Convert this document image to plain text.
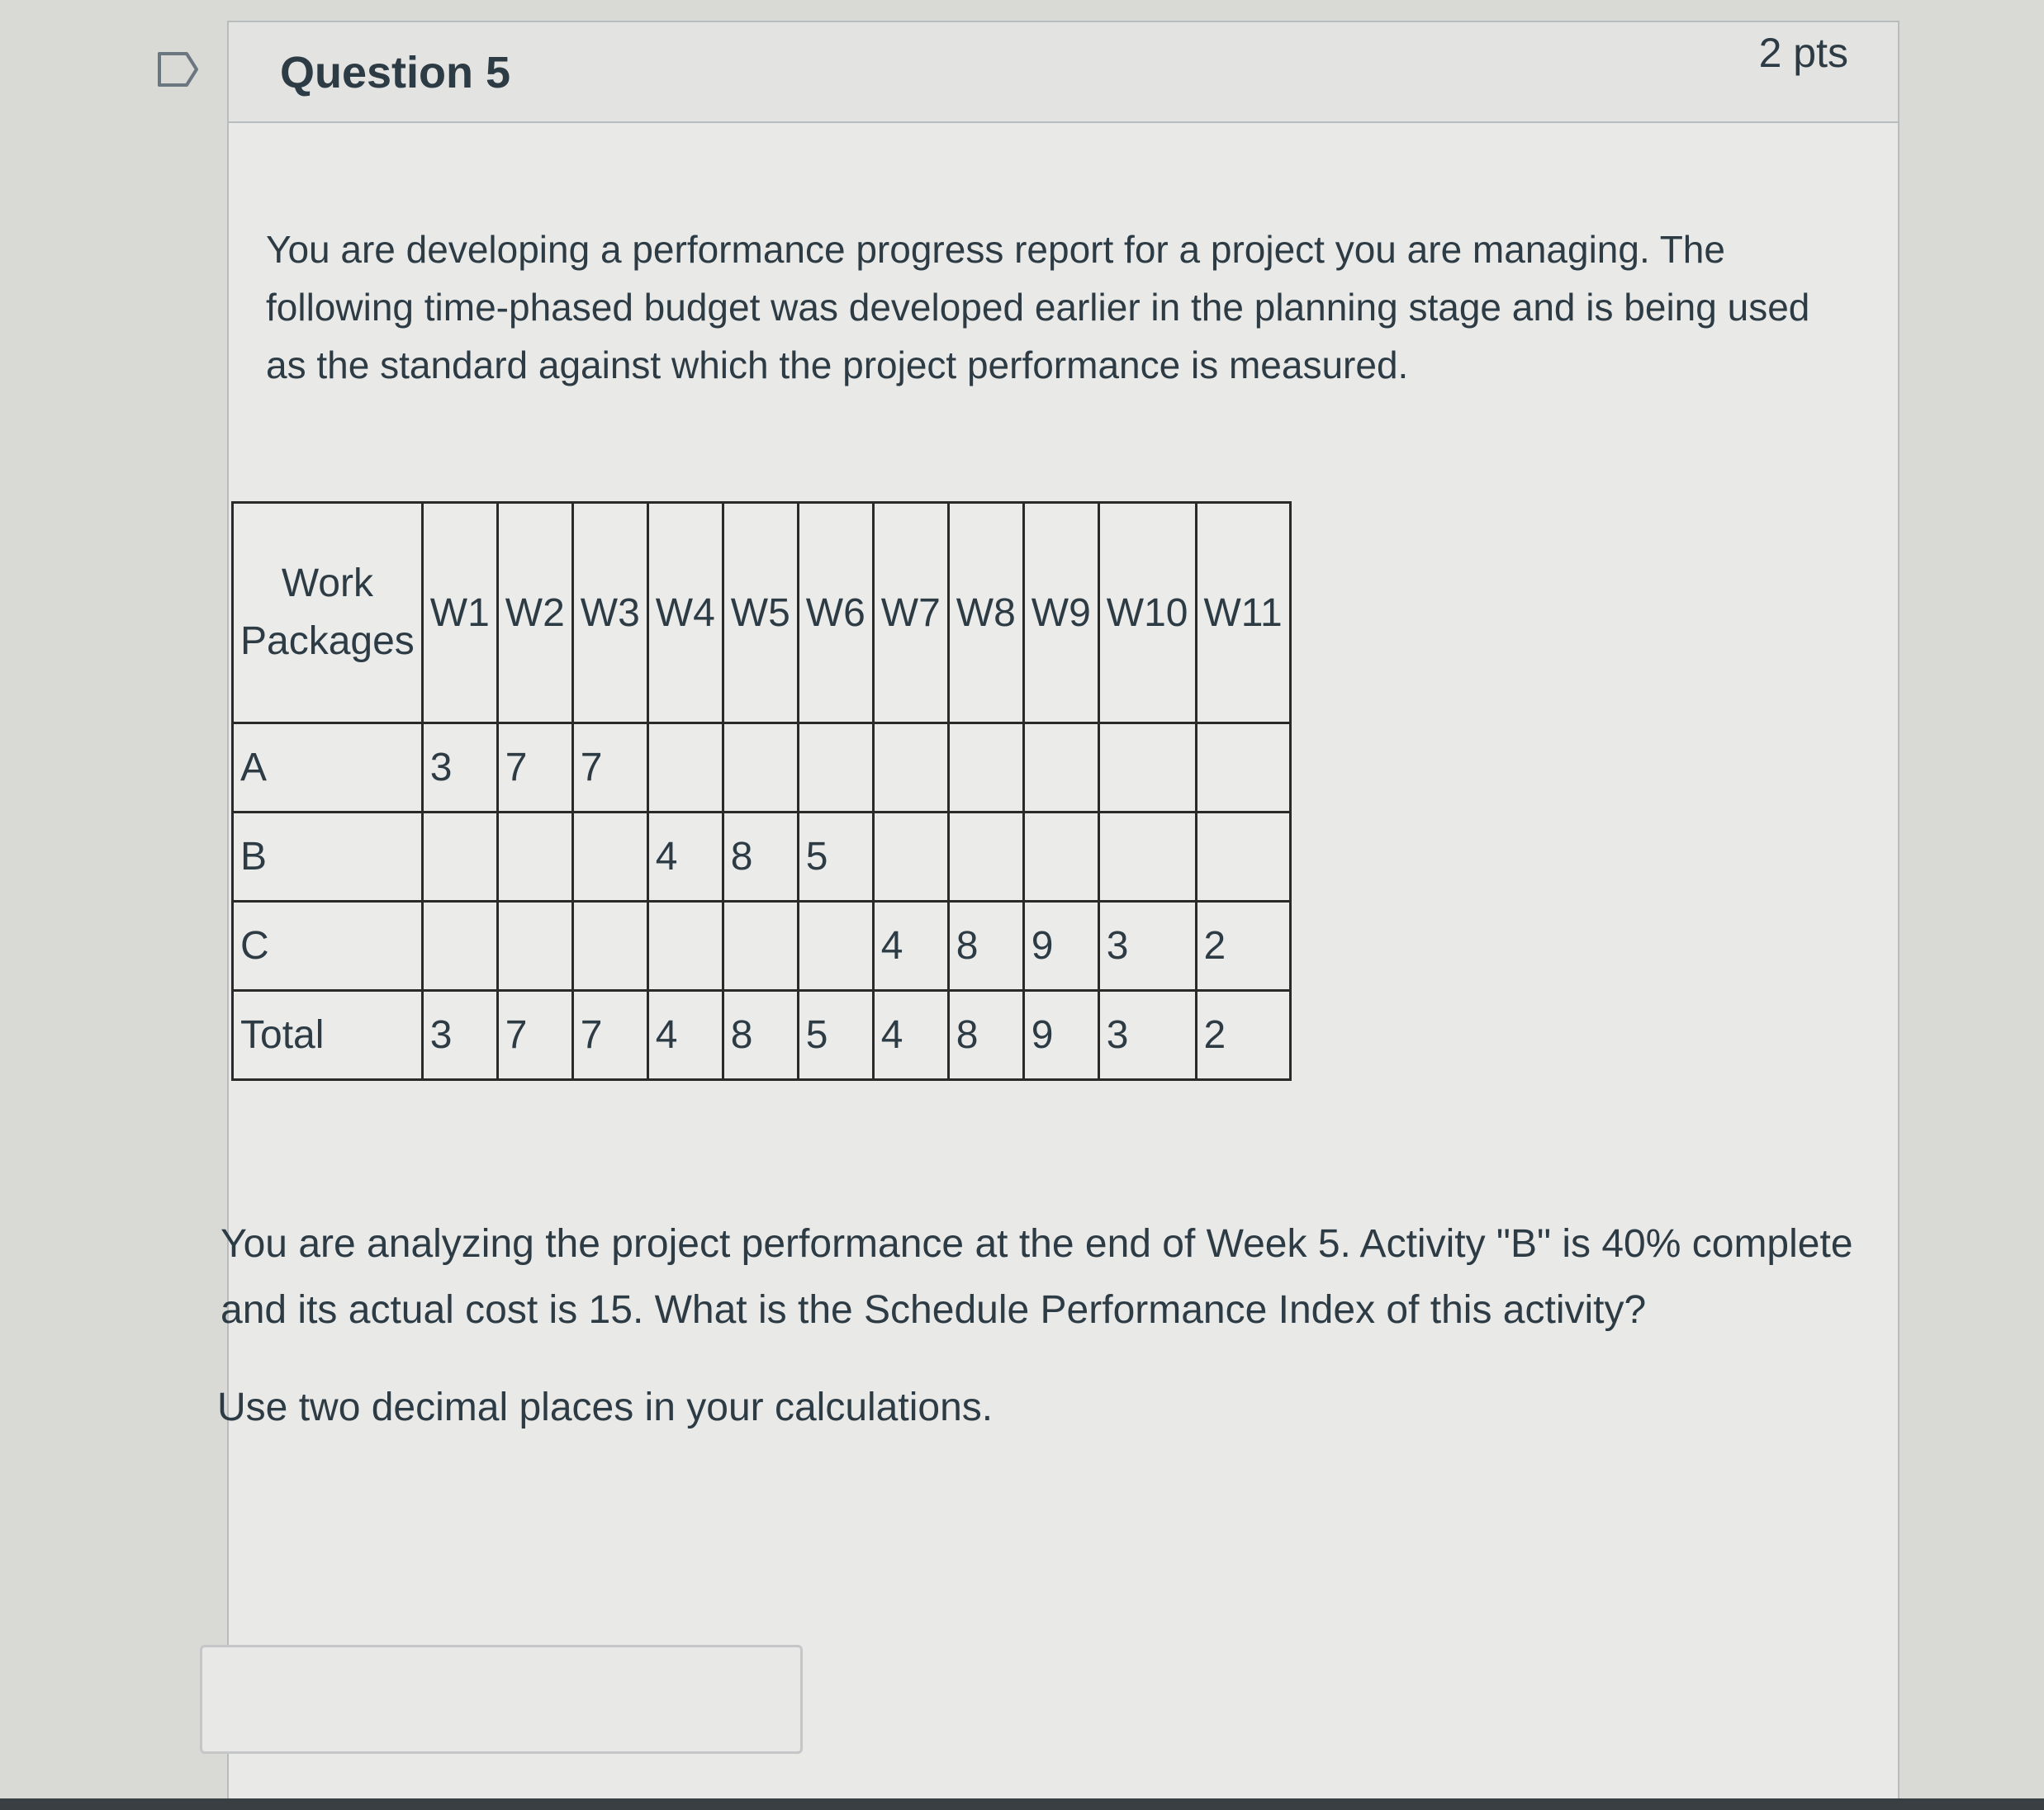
Question 5	2 pts
You are developing a performance progress report for a project you are managing. The following time-phased budget was developed earlier in the planning stage and is being used as the standard against which the project performance is measured.
Work
Packages	W1	W2	W3	W4	W5	W6	W7	W8	W9	W10	W11
A	3	7	7								
B				4	8	5					
C							4	8	9	3	2
Total	3	7	7	4	8	5	4	8	9	3	2
You are analyzing the project performance at the end of Week 5. Activity "B" is 40% complete and its actual cost is 15. What is the Schedule Performance Index of this activity?
Use two decimal places in your calculations.
